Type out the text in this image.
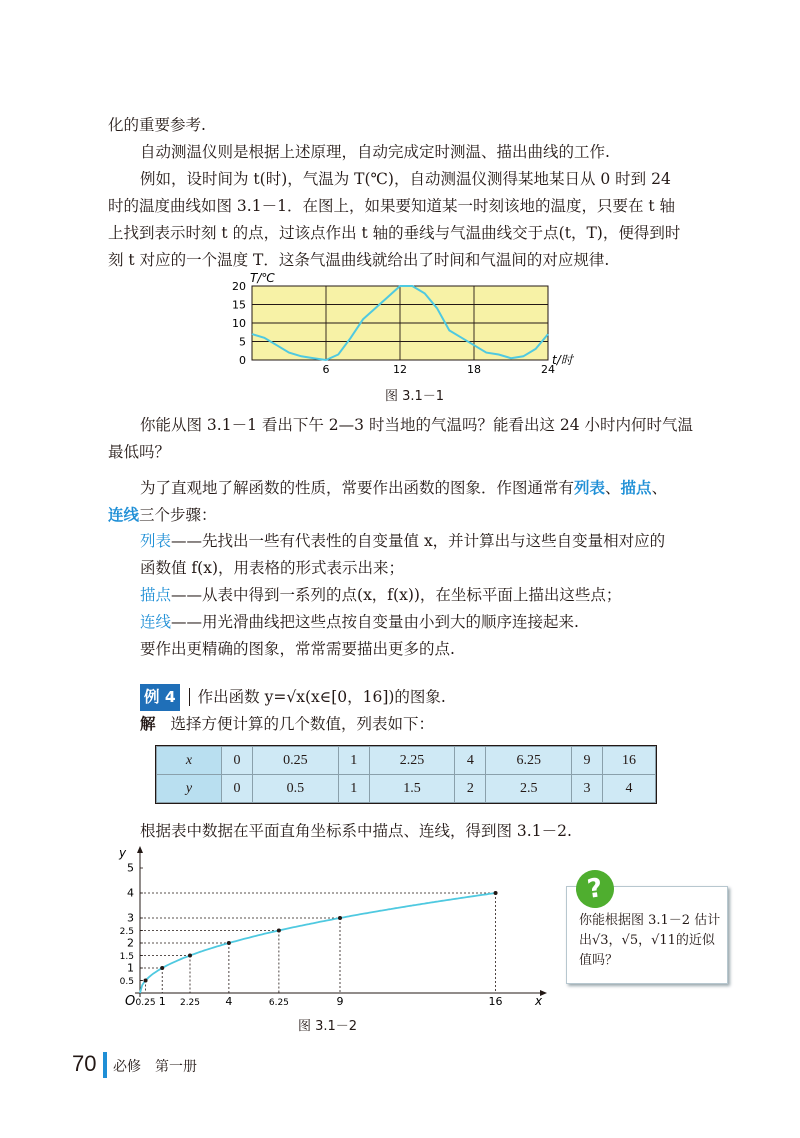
化的重要参考.
自动测温仪则是根据上述原理，自动完成定时测温、描出曲线的工作.
例如，设时间为 t(时)，气温为 T(℃)，自动测温仪测得某地某日从 0 时到 24
时的温度曲线如图 3.1－1．在图上，如果要知道某一时刻该地的温度，只要在 t 轴
上找到表示时刻 t 的点，过该点作出 t 轴的垂线与气温曲线交于点(t，T)，便得到时
刻 t 对应的一个温度 T．这条气温曲线就给出了时间和气温间的对应规律.
T/℃
t/时
0
5
10
15
20
6	12	18	24
图 3.1－1
你能从图 3.1－1 看出下午 2—3 时当地的气温吗？能看出这 24 小时内何时气温
最低吗？
为了直观地了解函数的性质，常要作出函数的图象．作图通常有列表、描点、
连线三个步骤：
列表——先找出一些有代表性的自变量值 x，并计算出与这些自变量相对应的
函数值 f(x)，用表格的形式表示出来；
描点——从表中得到一系列的点(x，f(x))，在坐标平面上描出这些点；
连线——用光滑曲线把这些点按自变量由小到大的顺序连接起来.
要作出更精确的图象，常常需要描出更多的点.
例 4 作出函数 y=√x(x∈[0，16])的图象.
解 选择方便计算的几个数值，列表如下：
x	0	0.25	1	2.25	4	6.25	9	16
y	0	0.5	1	1.5	2	2.5	3	4
根据表中数据在平面直角坐标系中描点、连线，得到图 3.1－2.
0.5
1
1.5
2
2.5
3
4
5
0.25 1 2.25 4	6.25	9	16
y
x
O
图 3.1－2
你能根据图 3.1－2 估计出√3，√5，√11的近似值吗？
?
70 必修　第一册
